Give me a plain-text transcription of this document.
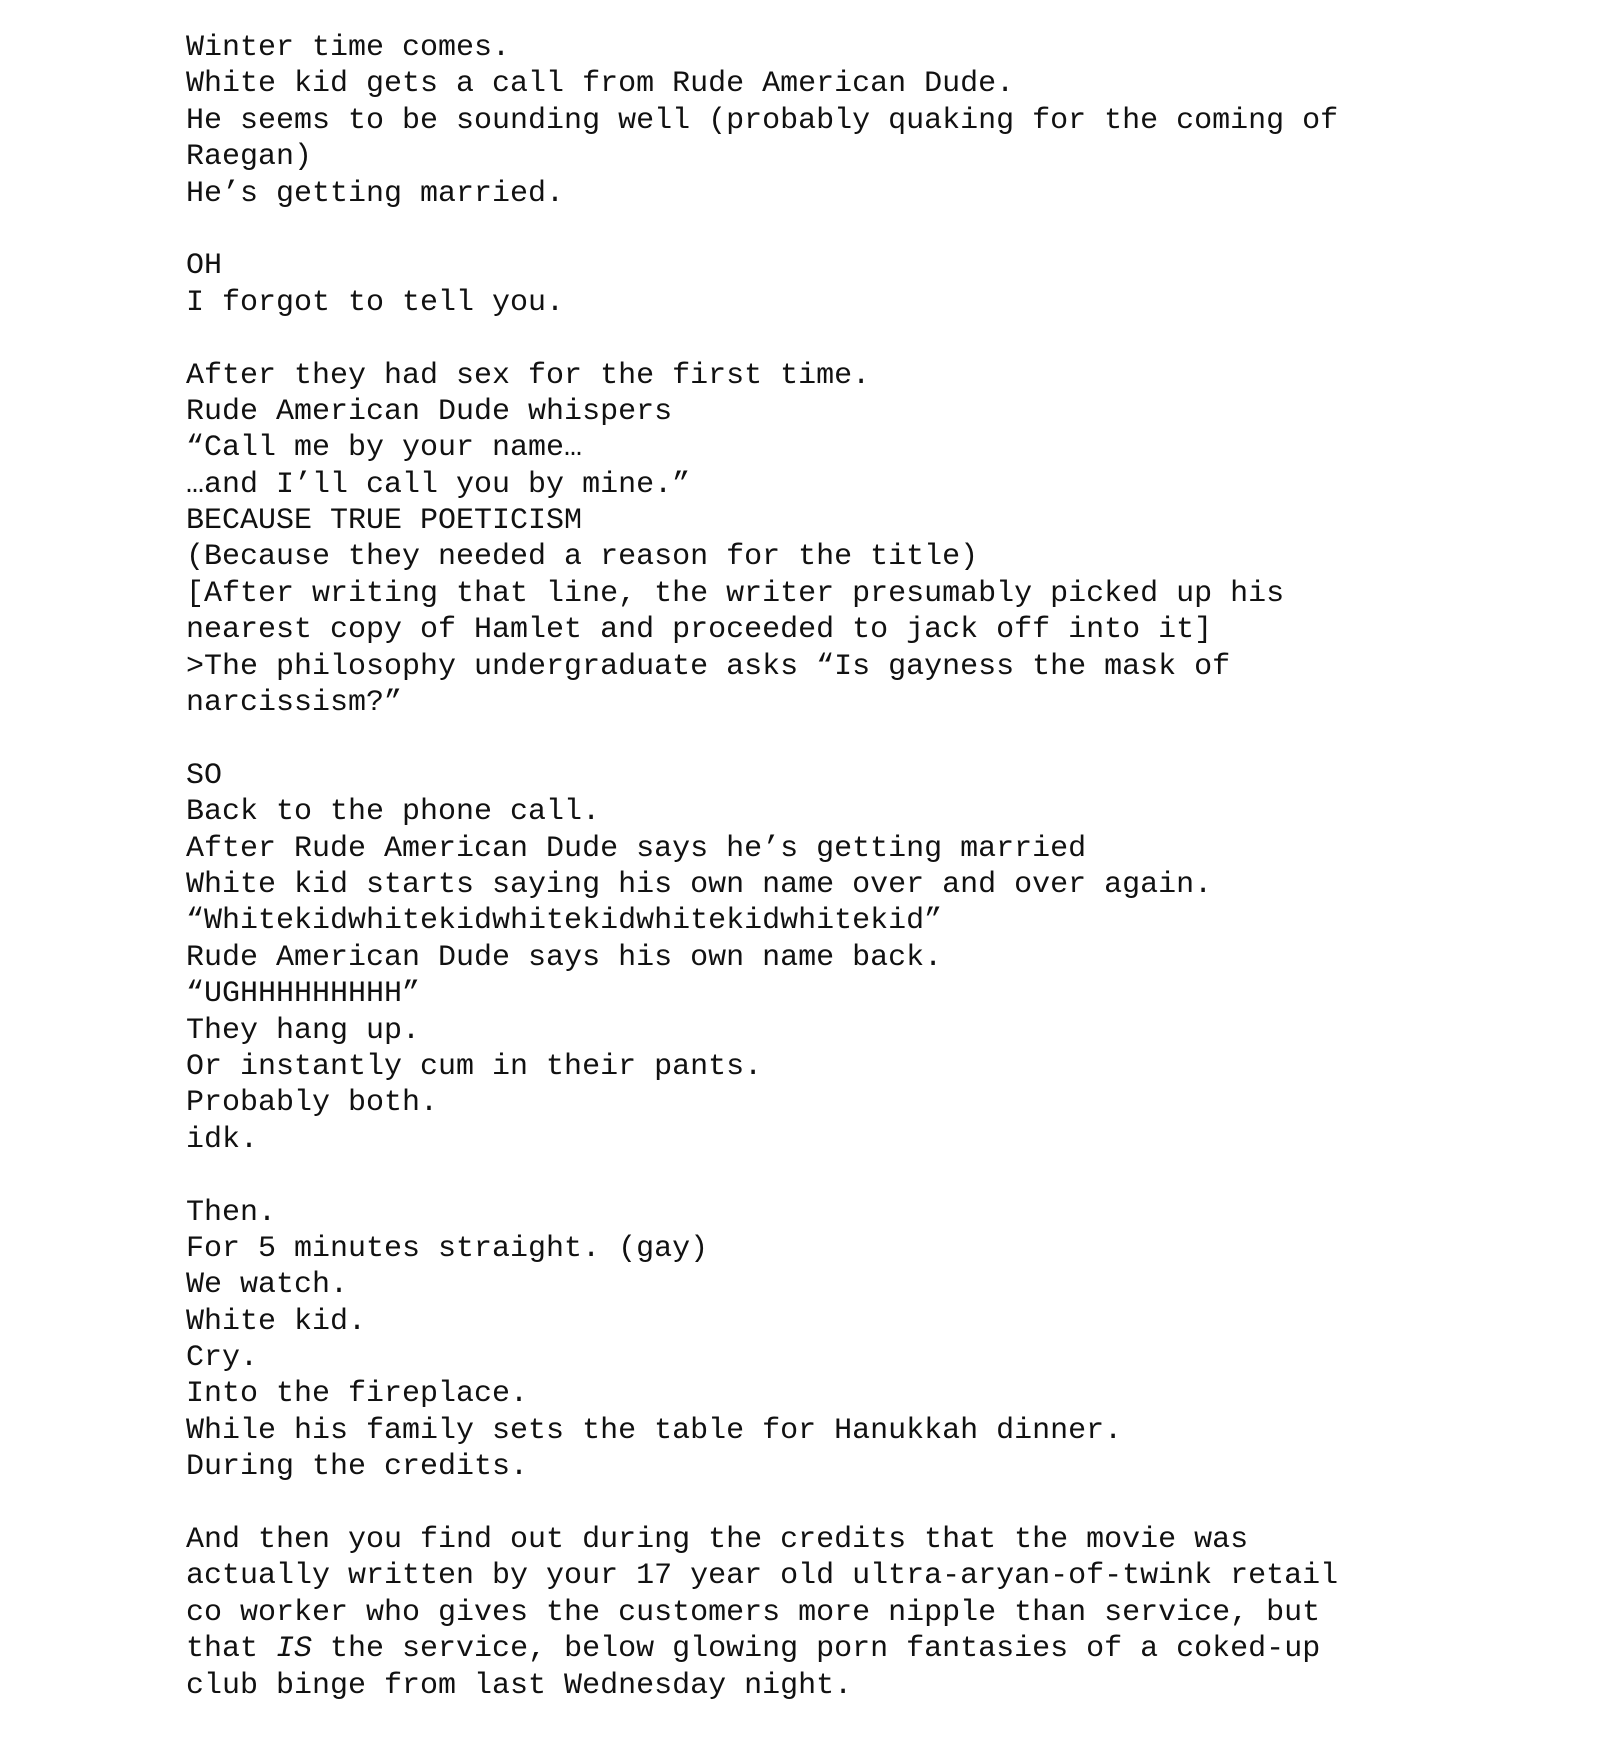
Winter time comes.
White kid gets a call from Rude American Dude.
He seems to be sounding well (probably quaking for the coming of
Raegan)
He’s getting married.
OH
I forgot to tell you.
After they had sex for the first time.
Rude American Dude whispers
“Call me by your name…
…and I’ll call you by mine.”
BECAUSE TRUE POETICISM
(Because they needed a reason for the title)
[After writing that line, the writer presumably picked up his
nearest copy of Hamlet and proceeded to jack off into it]
>The philosophy undergraduate asks “Is gayness the mask of
narcissism?”
SO
Back to the phone call.
After Rude American Dude says he’s getting married
White kid starts saying his own name over and over again.
“Whitekidwhitekidwhitekidwhitekidwhitekid”
Rude American Dude says his own name back.
“UGHHHHHHHHH”
They hang up.
Or instantly cum in their pants.
Probably both.
idk.
Then.
For 5 minutes straight. (gay)
We watch.
White kid.
Cry.
Into the fireplace.
While his family sets the table for Hanukkah dinner.
During the credits.
And then you find out during the credits that the movie was
actually written by your 17 year old ultra-aryan-of-twink retail
co worker who gives the customers more nipple than service, but
that IS the service, below glowing porn fantasies of a coked-up
club binge from last Wednesday night.
